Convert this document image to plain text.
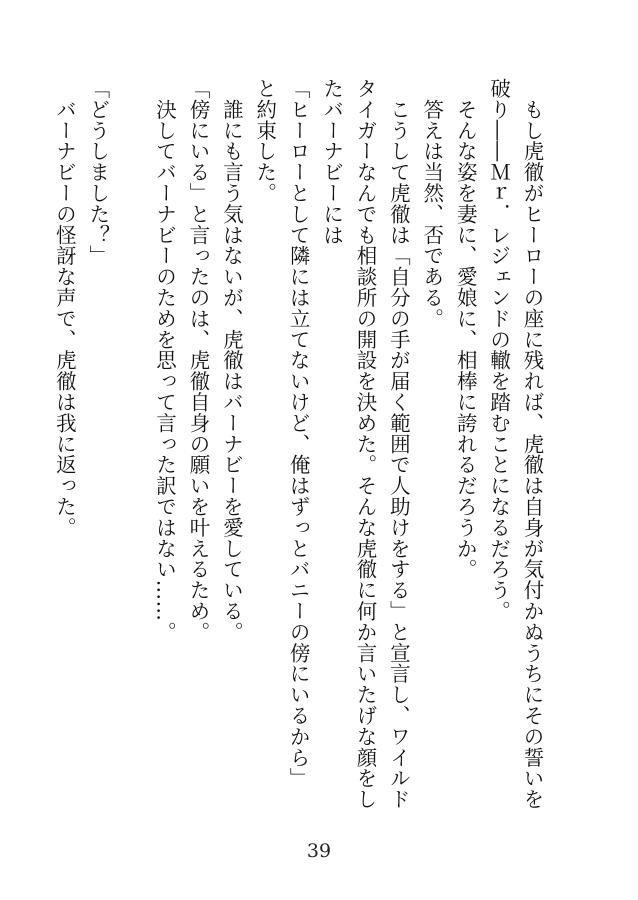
　もし虎徹がヒーローの座に残れば、虎徹は自身が気付かぬうちにその誓いを
破り――Ｍｒ．レジェンドの轍を踏むことになるだろう。
　そんな姿を妻に、愛娘に、相棒に誇れるだろうか。
　答えは当然、否である。
　こうして虎徹は「自分の手が届く範囲で人助けをする」と宣言し、ワイルド
タイガーなんでも相談所の開設を決めた。そんな虎徹に何か言いたげな顔をし
たバーナビーには
「ヒーローとして隣には立てないけど、俺はずっとバニーの傍にいるから」
と約束した。
　誰にも言う気はないが、虎徹はバーナビーを愛している。
「傍にいる」と言ったのは、虎徹自身の願いを叶えるため。
　決してバーナビーのためを思って言った訳ではない……。
「どうしました？」
　バーナビーの怪訝な声で、虎徹は我に返った。
39
